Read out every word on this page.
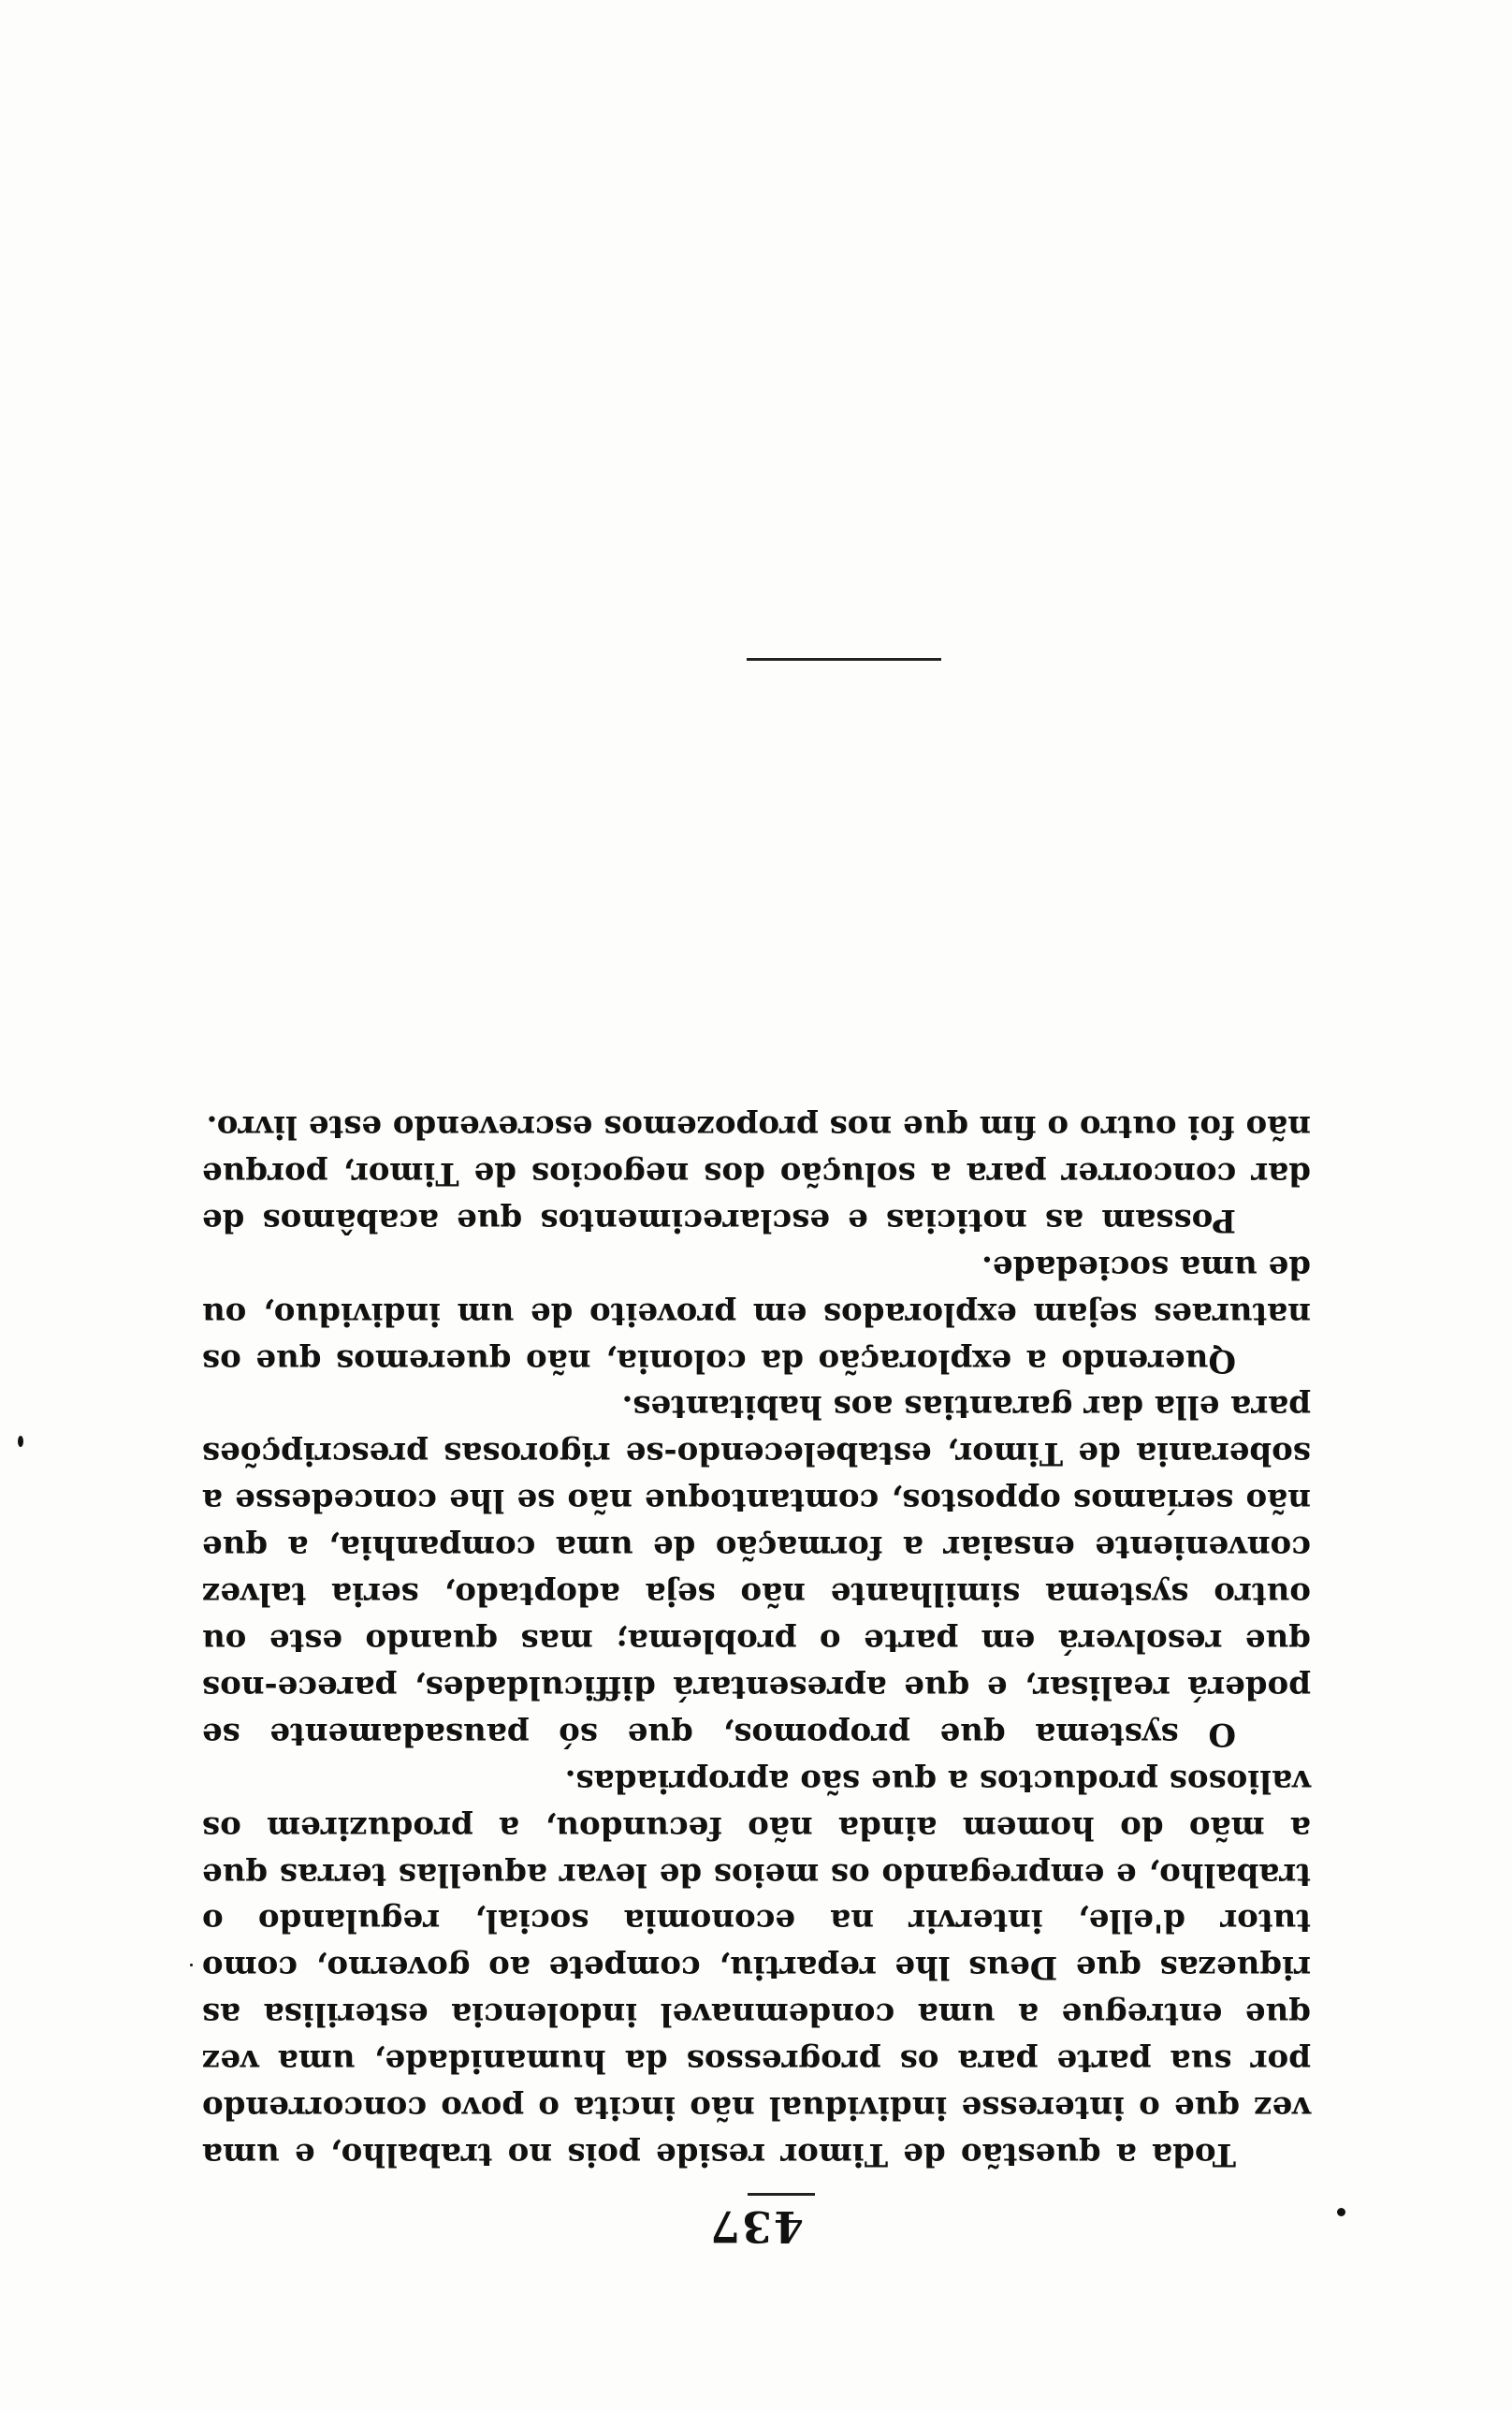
437

Toda a questão de Timor reside pois no trabalho, e uma vez que o interesse individual não incita o povo concorrendo por sua parte para os progressos da humanidade, uma vez que entregue a uma condemnavel indolencia esterilisa as riquezas que Deus lhe repartiu, compete ao governo, como tutor d'elle, intervir na economia social, regulando o trabalho, e empregando os meios de levar aquellas terras que a mão do homem ainda não fecundou, a produzirem os valiosos productos a que são apropriadas.

O systema que propomos, que só pausadamente se poderá realisar, e que apresentará difficuldades, parece-nos que resolverá em parte o problema; mas quando este ou outro systema similhante não seja adoptado, seria talvez conveniente ensaiar a formação de uma companhia, a que não seríamos oppostos, comtantoque não se lhe concedesse a soberania de Timor, estabelecendo-se rigorosas prescripções para ella dar garantias aos habitantes.

Querendo a exploração da colonia, não queremos que os naturaes sejam explorados em proveito de um individuo, ou de uma sociedade.

Possam as noticias e esclarecimentos que acabâmos de dar concorrer para a solução dos negocios de Timor, porque não foi outro o fim que nos propozemos escrevendo este livro.
